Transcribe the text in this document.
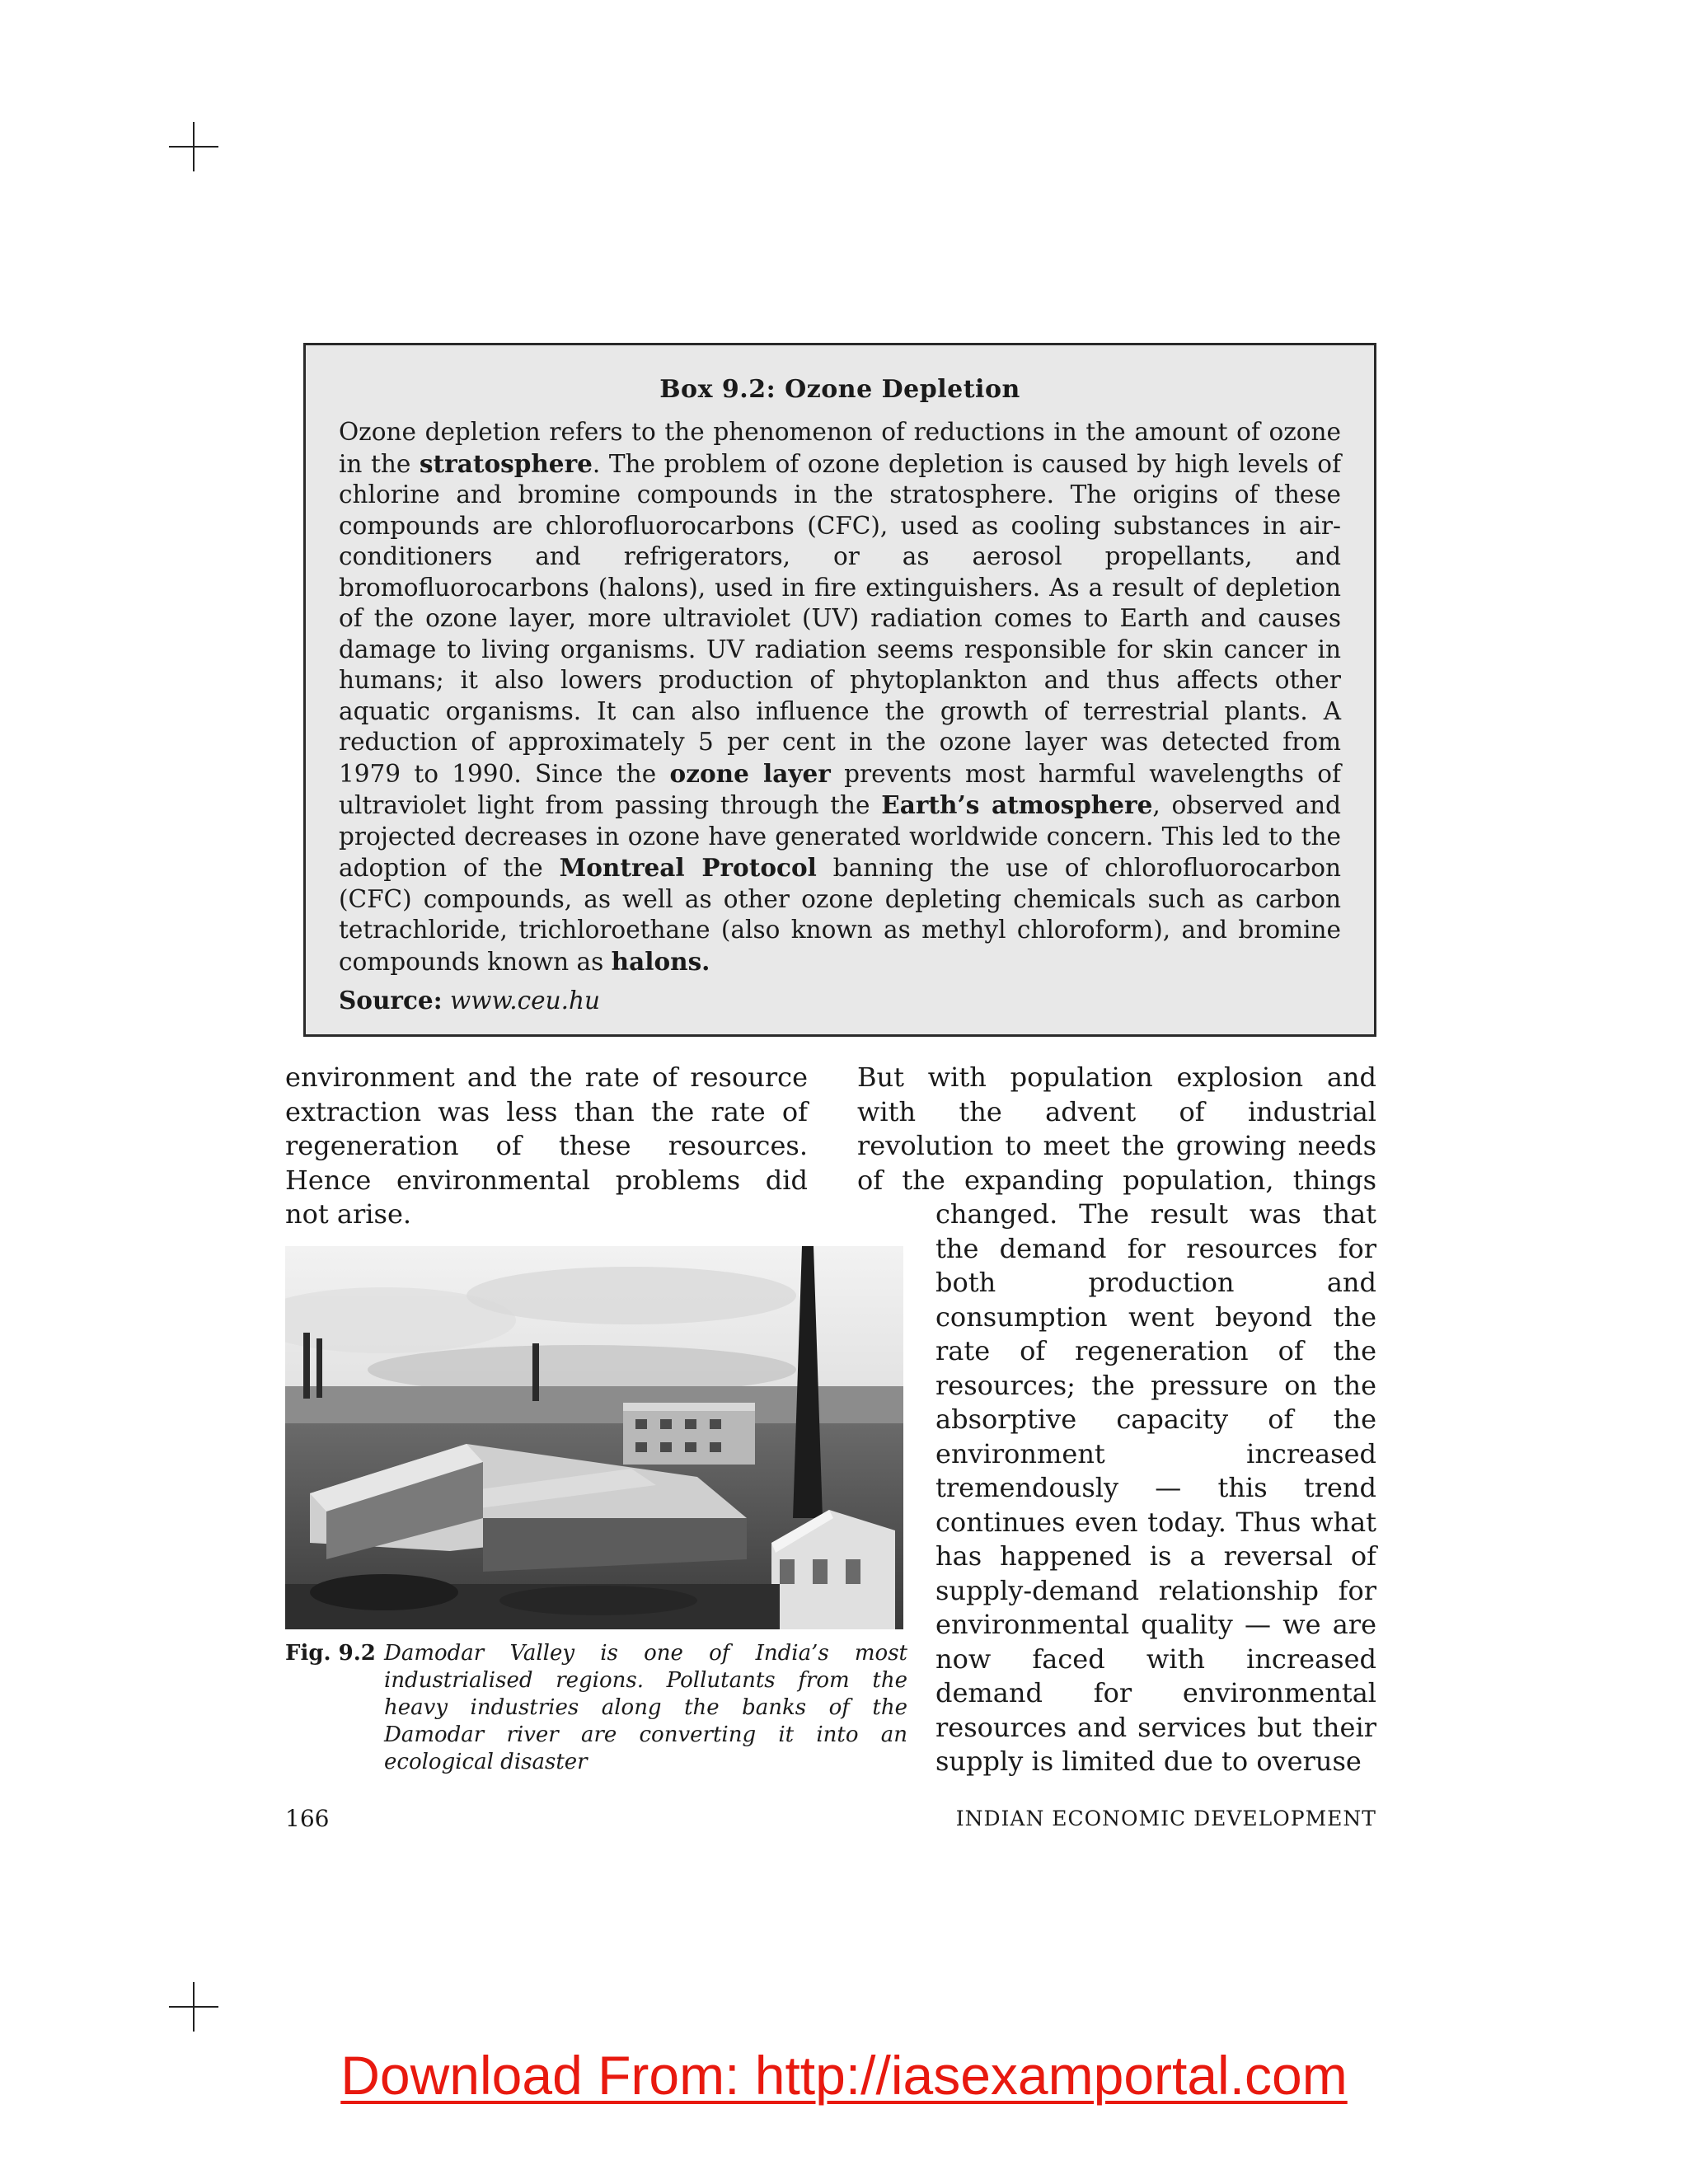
Box 9.2: Ozone Depletion

Ozone depletion refers to the phenomenon of reductions in the amount of ozone in the stratosphere. The problem of ozone depletion is caused by high levels of chlorine and bromine compounds in the stratosphere. The origins of these compounds are chlorofluorocarbons (CFC), used as cooling substances in air-conditioners and refrigerators, or as aerosol propellants, and bromofluorocarbons (halons), used in fire extinguishers. As a result of depletion of the ozone layer, more ultraviolet (UV) radiation comes to Earth and causes damage to living organisms. UV radiation seems responsible for skin cancer in humans; it also lowers production of phytoplankton and thus affects other aquatic organisms. It can also influence the growth of terrestrial plants. A reduction of approximately 5 per cent in the ozone layer was detected from 1979 to 1990. Since the ozone layer prevents most harmful wavelengths of ultraviolet light from passing through the Earth’s atmosphere, observed and projected decreases in ozone have generated worldwide concern. This led to the adoption of the Montreal Protocol banning the use of chlorofluorocarbon (CFC) compounds, as well as other ozone depleting chemicals such as carbon tetrachloride, trichloroethane (also known as methyl chloroform), and bromine compounds known as halons.

Source: www.ceu.hu

environment and the rate of resource extraction was less than the rate of regeneration of these resources. Hence environmental problems did not arise.

But with population explosion and with the advent of industrial revolution to meet the growing needs of the expanding population, things

changed. The result was that the demand for resources for both production and consumption went beyond the rate of regeneration of the resources; the pressure on the absorptive capacity of the environment increased tremendously — this trend continues even today. Thus what has happened is a reversal of supply-demand relationship for environmental quality — we are now faced with increased demand for environmental resources and services but their supply is limited due to overuse

Fig. 9.2 Damodar Valley is one of India’s most industrialised regions. Pollutants from the heavy industries along the banks of the Damodar river are converting it into an ecological disaster
166	INDIAN ECONOMIC DEVELOPMENT
Download From: http://iasexamportal.com
